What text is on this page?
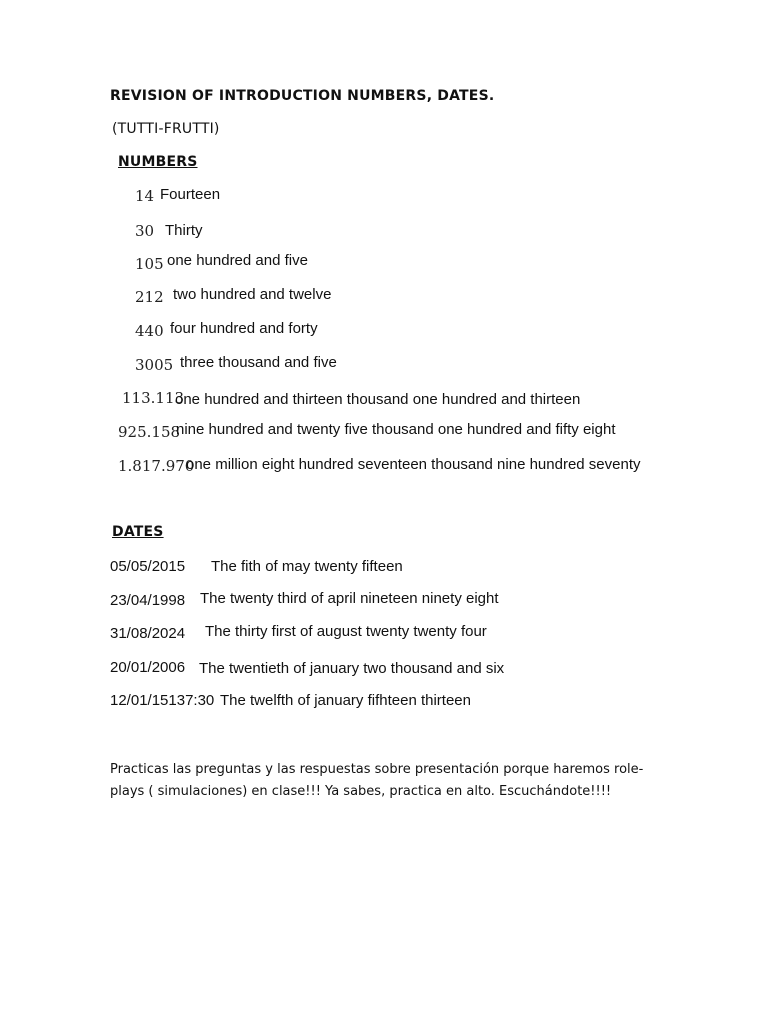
REVISION OF INTRODUCTION NUMBERS, DATES.
(TUTTI-FRUTTI)
NUMBERS
14 Fourteen
30 Thirty
105 one hundred and five
212 two hundred and twelve
440 four hundred and forty
3005 three thousand and five
113.113
one hundred and thirteen thousand one hundred and thirteen
925.158
nine hundred and twenty five thousand one hundred and fifty eight
1.817.970
one million eight hundred seventeen thousand nine hundred seventy
DATES
05/05/2015 The fith of may twenty fifteen
23/04/1998 The twenty third of april nineteen ninety eight
31/08/2024 The thirty first of august twenty twenty four
20/01/2006 The twentieth of january two thousand and six
12/01/15137:30 The twelfth of january fifhteen thirteen
Practicas las preguntas y las respuestas sobre presentación porque haremos role-plays ( simulaciones) en clase!!! Ya sabes, practica en alto. Escuchándote!!!!
